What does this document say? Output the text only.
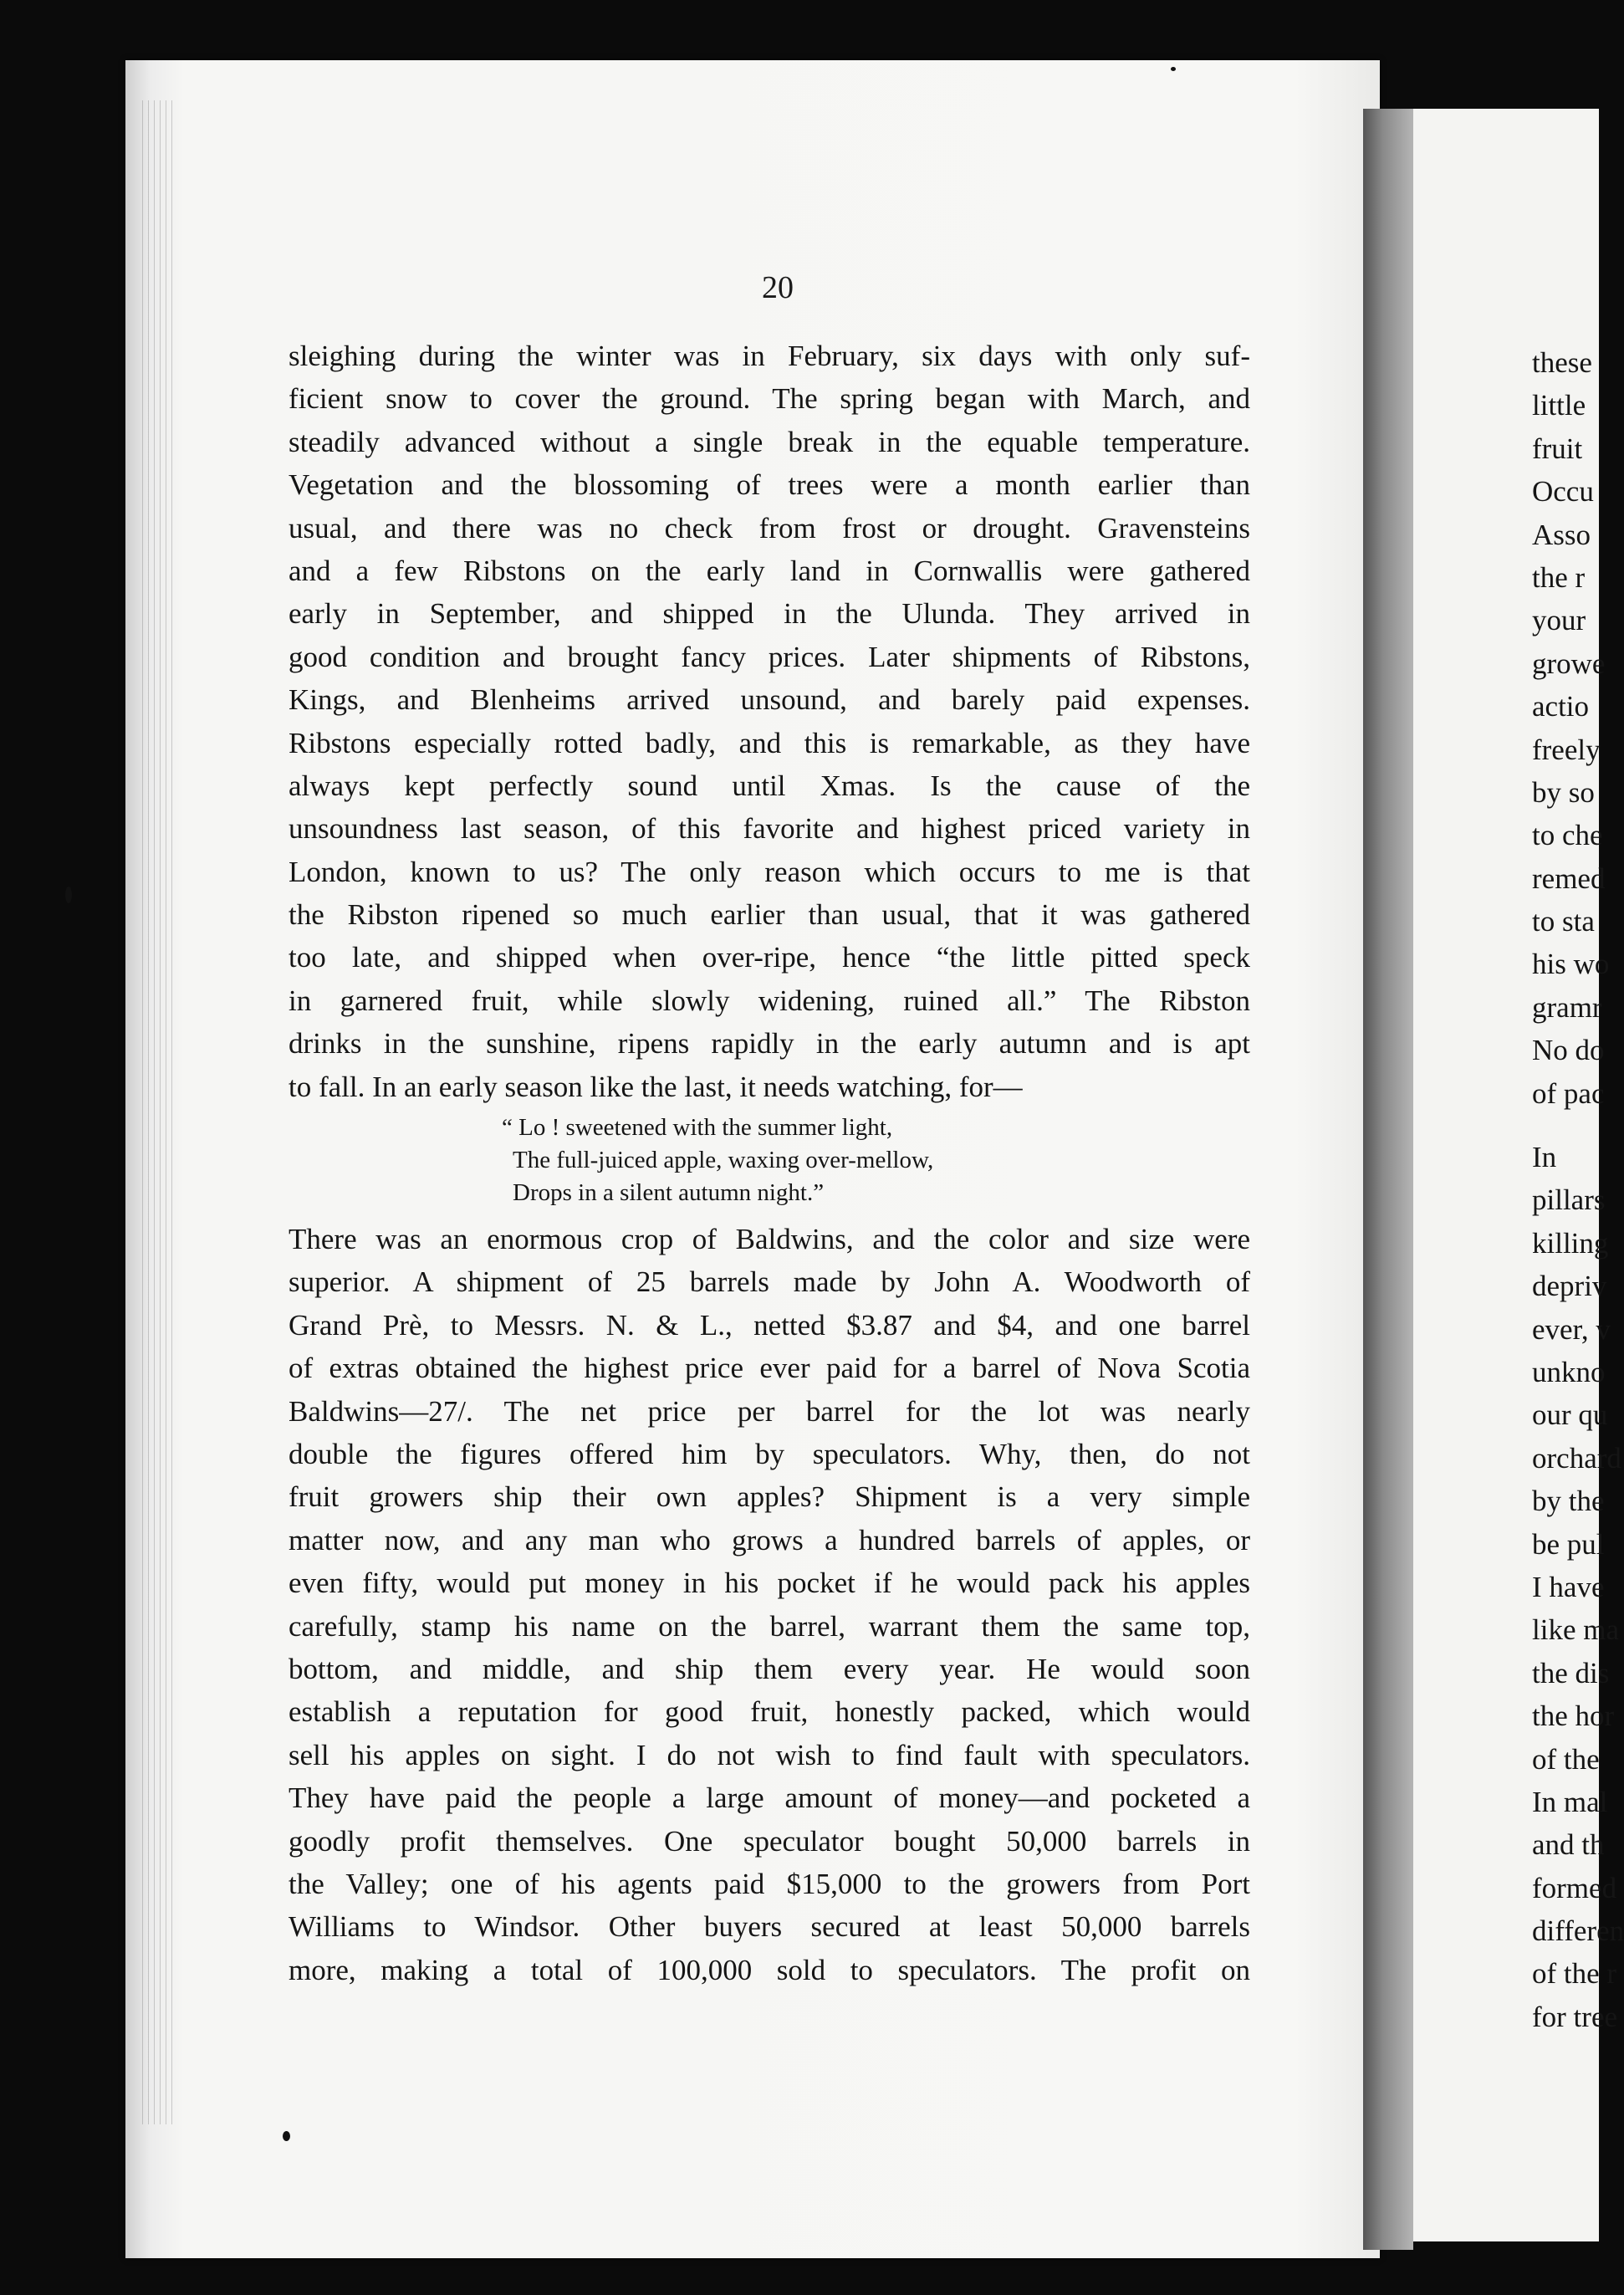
20
sleighing during the winter was in February, six days with only suf-
ficient snow to cover the ground. The spring began with March, and
steadily advanced without a single break in the equable temperature.
Vegetation and the blossoming of trees were a month earlier than
usual, and there was no check from frost or drought. Gravensteins
and a few Ribstons on the early land in Cornwallis were gathered
early in September, and shipped in the Ulunda. They arrived in
good condition and brought fancy prices. Later shipments of Ribstons,
Kings, and Blenheims arrived unsound, and barely paid expenses.
Ribstons especially rotted badly, and this is remarkable, as they have
always kept perfectly sound until Xmas. Is the cause of the
unsoundness last season, of this favorite and highest priced variety in
London, known to us? The only reason which occurs to me is that
the Ribston ripened so much earlier than usual, that it was gathered
too late, and shipped when over-ripe, hence “the little pitted speck
in garnered fruit, while slowly widening, ruined all.” The Ribston
drinks in the sunshine, ripens rapidly in the early autumn and is apt
to fall. In an early season like the last, it needs watching, for—
“ Lo ! sweetened with the summer light,
The full-juiced apple, waxing over-mellow,
Drops in a silent autumn night.”
There was an enormous crop of Baldwins, and the color and size were
superior. A shipment of 25 barrels made by John A. Woodworth of
Grand Prè, to Messrs. N. & L., netted $3.87 and $4, and one barrel
of extras obtained the highest price ever paid for a barrel of Nova Scotia
Baldwins—27/. The net price per barrel for the lot was nearly
double the figures offered him by speculators. Why, then, do not
fruit growers ship their own apples? Shipment is a very simple
matter now, and any man who grows a hundred barrels of apples, or
even fifty, would put money in his pocket if he would pack his apples
carefully, stamp his name on the barrel, warrant them the same top,
bottom, and middle, and ship them every year. He would soon
establish a reputation for good fruit, honestly packed, which would
sell his apples on sight. I do not wish to find fault with speculators.
They have paid the people a large amount of money—and pocketed a
goodly profit themselves. One speculator bought 50,000 barrels in
the Valley; one of his agents paid $15,000 to the growers from Port
Williams to Windsor. Other buyers secured at least 50,000 barrels
more, making a total of 100,000 sold to speculators. The profit on
these
little
fruit
Occu
Asso
the r
your
growe
actio
freely
by so
to che
remed
to sta
his wo
gramr
No do
of pac
In
pillars
killing
depriv
ever, v
unkno
our qu
orchard
by the
be pul
I have
like ma
the dis
the hor
of the
In mal
and th
formed
differen
of the r
for tree
